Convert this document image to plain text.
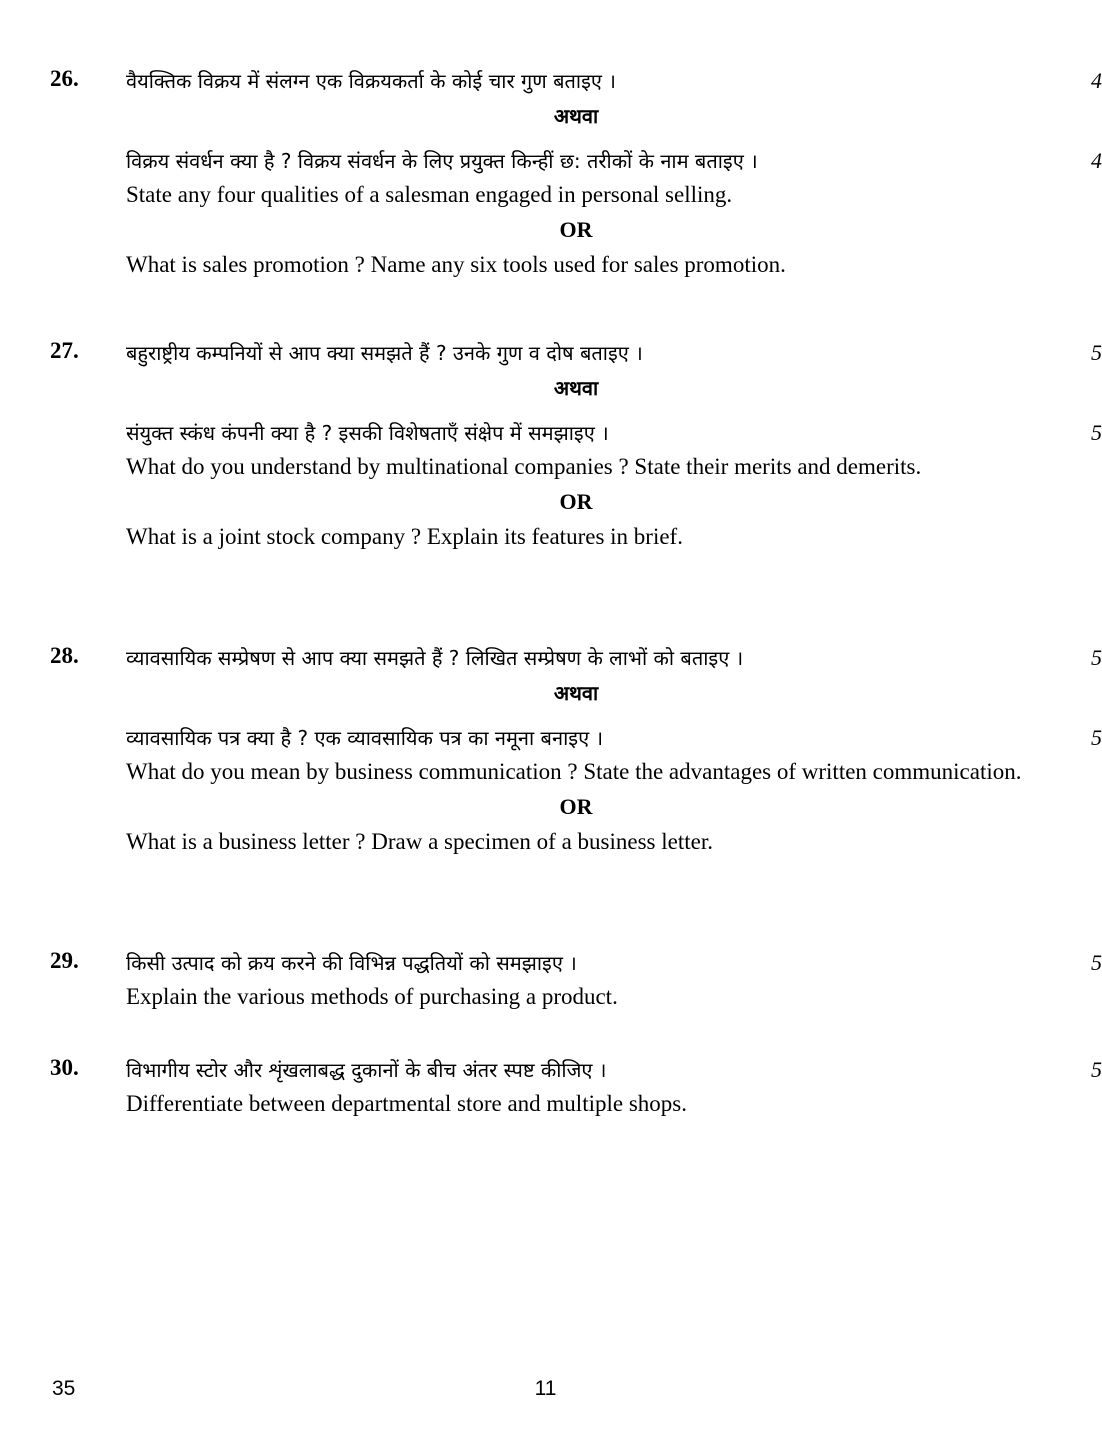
26.	वैयक्तिक विक्रय में संलग्न एक विक्रयकर्ता के कोई चार गुण बताइए ।	4
अथवा
विक्रय संवर्धन क्या है ? विक्रय संवर्धन के लिए प्रयुक्त किन्हीं छ: तरीकों के नाम बताइए ।	4
State any four qualities of a salesman engaged in personal selling.
OR
What is sales promotion ? Name any six tools used for sales promotion.
27.	बहुराष्ट्रीय कम्पनियों से आप क्या समझते हैं ? उनके गुण व दोष बताइए ।	5
अथवा
संयुक्त स्कंध कंपनी क्या है ? इसकी विशेषताएँ संक्षेप में समझाइए ।	5
What do you understand by multinational companies ? State their merits and demerits.
OR
What is a joint stock company ? Explain its features in brief.
28.	व्यावसायिक सम्प्रेषण से आप क्या समझते हैं ? लिखित सम्प्रेषण के लाभों को बताइए ।	5
अथवा
व्यावसायिक पत्र क्या है ? एक व्यावसायिक पत्र का नमूना बनाइए ।	5
What do you mean by business communication ? State the advantages of written communication.
OR
What is a business letter ? Draw a specimen of a business letter.
29.	किसी उत्पाद को क्रय करने की विभिन्न पद्धतियों को समझाइए ।	5
Explain the various methods of purchasing a product.
30.	विभागीय स्टोर और शृंखलाबद्ध दुकानों के बीच अंतर स्पष्ट कीजिए ।	5
Differentiate between departmental store and multiple shops.
35	11
